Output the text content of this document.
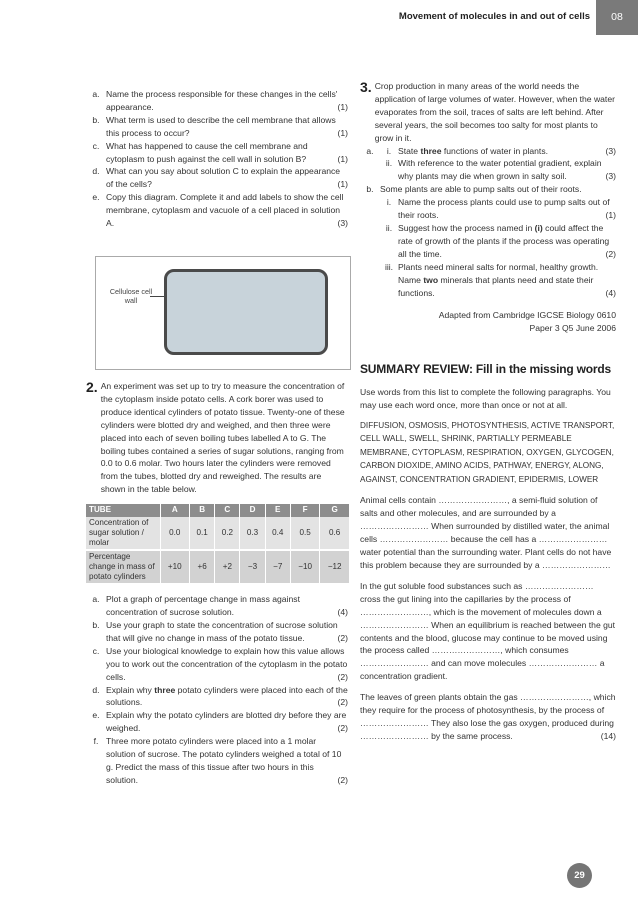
Movement of molecules in and out of cells	08
a. Name the process responsible for these changes in the cells' appearance.	(1)
b. What term is used to describe the cell membrane that allows this process to occur?	(1)
c. What has happened to cause the cell membrane and cytoplasm to push against the cell wall in solution B?	(1)
d. What can you say about solution C to explain the appearance of the cells?	(1)
e. Copy this diagram. Complete it and add labels to show the cell membrane, cytoplasm and vacuole of a cell placed in solution A.	(3)
Cellulose cell wall
2. An experiment was set up to try to measure the concentration of the cytoplasm inside potato cells. A cork borer was used to produce identical cylinders of potato tissue. Twenty-one of these cylinders were blotted dry and weighed, and then three were placed into each of seven boiling tubes labelled A to G. The boiling tubes contained a series of sugar solutions, ranging from 0.0 to 0.6 molar. Two hours later the cylinders were removed from the tubes, blotted dry and reweighed. The results are shown in the table below.
TUBE	A	B	C	D	E	F	G
Concentration of sugar solution / molar	0.0	0.1	0.2	0.3	0.4	0.5	0.6
Percentage change in mass of potato cylinders	+10	+6	+2	−3	−7	−10	−12
a. Plot a graph of percentage change in mass against concentration of sucrose solution.	(4)
b. Use your graph to state the concentration of sucrose solution that will give no change in mass of the potato tissue.	(2)
c. Use your biological knowledge to explain how this value allows you to work out the concentration of the cytoplasm in the potato cells.	(2)
d. Explain why three potato cylinders were placed into each of the solutions.	(2)
e. Explain why the potato cylinders are blotted dry before they are weighed.	(2)
f. Three more potato cylinders were placed into a 1 molar solution of sucrose. The potato cylinders weighed a total of 10 g. Predict the mass of this tissue after two hours in this solution.	(2)
3. Crop production in many areas of the world needs the application of large volumes of water. However, when the water evaporates from the soil, traces of salts are left behind. After several years, the soil becomes too salty for most plants to grow in it.
a.	i. State three functions of water in plants.	(3)
ii. With reference to the water potential gradient, explain why plants may die when grown in salty soil.	(3)
b. Some plants are able to pump salts out of their roots.
i. Name the process plants could use to pump salts out of their roots.	(1)
ii. Suggest how the process named in (i) could affect the rate of growth of the plants if the process was operating all the time.	(2)
iii. Plants need mineral salts for normal, healthy growth. Name two minerals that plants need and state their functions.	(4)
Adapted from Cambridge IGCSE Biology 0610
Paper 3 Q5 June 2006
SUMMARY REVIEW: Fill in the missing words
Use words from this list to complete the following paragraphs. You may use each word once, more than once or not at all.
DIFFUSION, OSMOSIS, PHOTOSYNTHESIS, ACTIVE TRANSPORT, CELL WALL, SWELL, SHRINK, PARTIALLY PERMEABLE MEMBRANE, CYTOPLASM, RESPIRATION, OXYGEN, GLYCOGEN, CARBON DIOXIDE, AMINO ACIDS, PATHWAY, ENERGY, ALONG, AGAINST, CONCENTRATION GRADIENT, EPIDERMIS, LOWER
Animal cells contain ……………………, a semi-fluid solution of salts and other molecules, and are surrounded by a …………………… When surrounded by distilled water, the animal cells …………………… because the cell has a …………………… water potential than the surrounding water. Plant cells do not have this problem because they are surrounded by a ……………………
In the gut soluble food substances such as …………………… cross the gut lining into the capillaries by the process of ……………………, which is the movement of molecules down a …………………… When an equilibrium is reached between the gut contents and the blood, glucose may continue to be moved using the process called ……………………, which consumes …………………… and can move molecules …………………… a concentration gradient.
The leaves of green plants obtain the gas ……………………, which they require for the process of photosynthesis, by the process of …………………… They also lose the gas oxygen, produced during …………………… by the same process.	(14)
29
